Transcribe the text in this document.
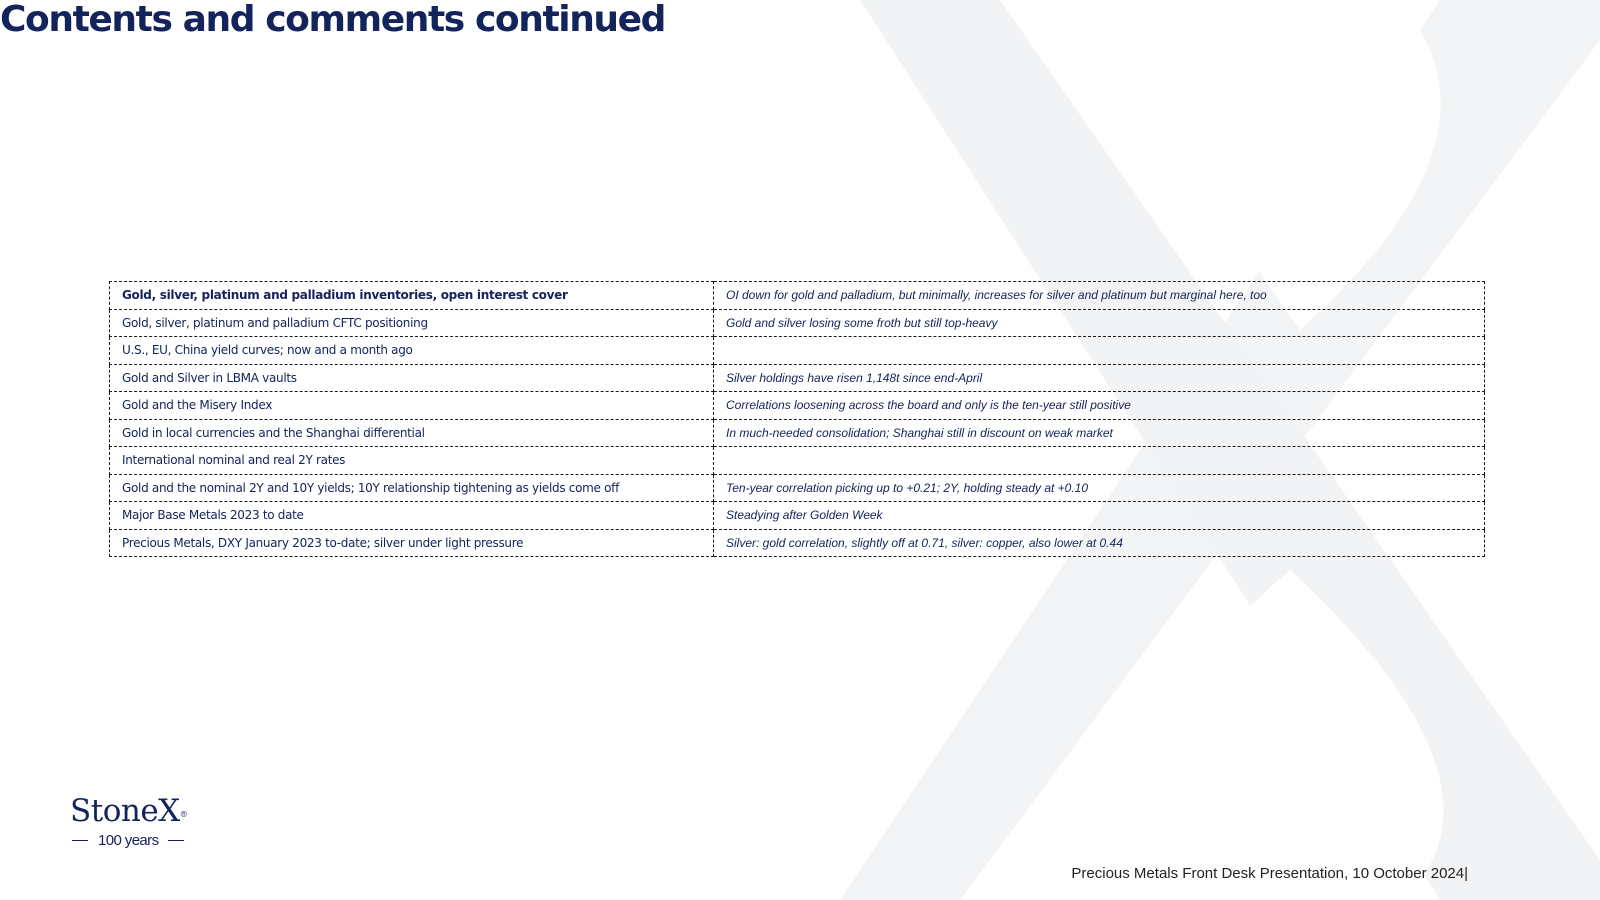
Contents and comments continued
Gold, silver, platinum and palladium inventories, open interest cover	OI down for gold and palladium, but minimally, increases for silver and platinum but marginal here, too
Gold, silver, platinum and palladium CFTC positioning	Gold and silver losing some froth but still top-heavy
U.S., EU, China yield curves; now and a month ago	
Gold and Silver in LBMA vaults	Silver holdings have risen 1,148t since end-April
Gold and the Misery Index	Correlations loosening across the board and only is the ten-year still positive
Gold in local currencies and the Shanghai differential	In much-needed consolidation; Shanghai still in discount on weak market
International nominal and real 2Y rates	
Gold and the nominal 2Y and 10Y yields; 10Y relationship tightening as yields come off	Ten-year correlation picking up to +0.21; 2Y, holding steady at +0.10
Major Base Metals 2023 to date	Steadying after Golden Week
Precious Metals, DXY January 2023 to-date; silver under light pressure	Silver: gold correlation, slightly off at 0.71, silver: copper, also lower at 0.44
StoneX®
100 years
Precious Metals Front Desk Presentation, 10 October 2024|
